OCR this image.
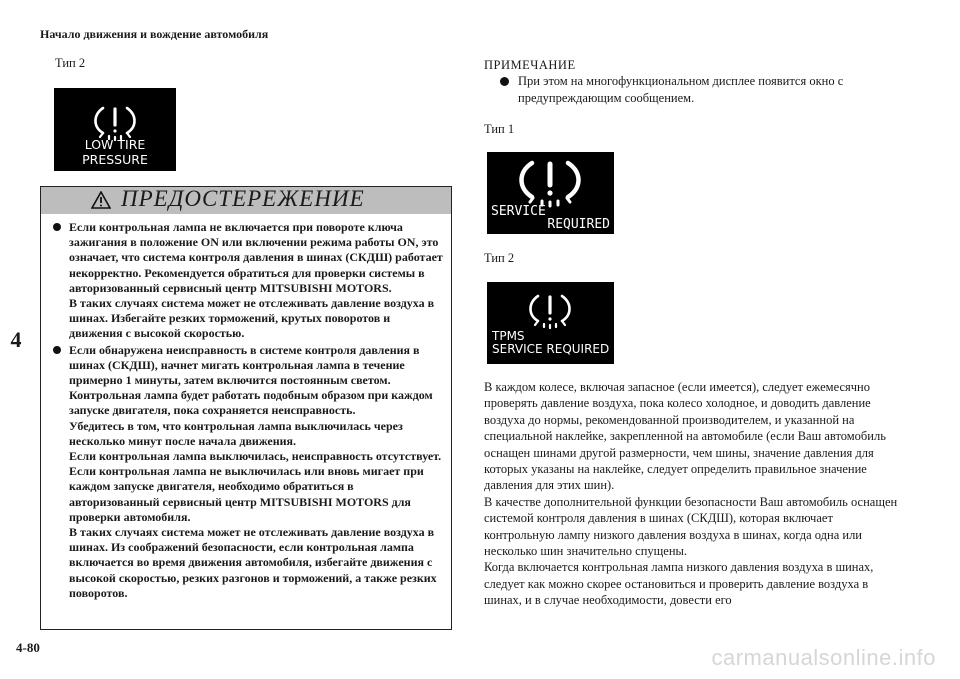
Начало движения и вождение автомобиля
Тип 2
LOW TIRE PRESSURE
ПРЕДОСТЕРЕЖЕНИЕ

Если контрольная лампа не включается при повороте ключа зажигания в положение ON или включении режима работы ON, это означает, что система контроля давления в шинах (СКДШ) работает некорректно. Рекомендуется обратиться для проверки системы в авторизованный сервисный центр MITSUBISHI MOTORS.

В таких случаях система может не отслеживать давление воздуха в шинах. Избегайте резких торможений, крутых поворотов и движения с высокой скоростью.

Если обнаружена неисправность в системе контроля давления в шинах (СКДШ), начнет мигать контрольная лампа в течение примерно 1 минуты, затем включится постоянным светом.

Контрольная лампа будет работать подобным образом при каждом запуске двигателя, пока сохраняется неисправность.

Убедитесь в том, что контрольная лампа выключилась через несколько минут после начала движения.

Если контрольная лампа выключилась, неисправность отсутствует.

Если контрольная лампа не выключилась или вновь мигает при каждом запуске двигателя, необходимо обратиться в авторизованный сервисный центр MITSUBISHI MOTORS для проверки автомобиля.

В таких случаях система может не отслеживать давление воздуха в шинах. Из соображений безопасности, если контрольная лампа включается во время движения автомобиля, избегайте движения с высокой скоростью, резких разгонов и торможений, а также резких поворотов.

4
4-80
ПРИМЕЧАНИЕ
При этом на многофункциональном дисплее появится окно с предупреждающим сообщением.
Тип 1
SERVICE
REQUIRED
Тип 2
TPMS
SERVICE REQUIRED

В каждом колесе, включая запасное (если имеется), следует ежемесячно проверять давление воздуха, пока колесо холодное, и доводить давление воздуха до нормы, рекомендованной производителем, и указанной на специальной наклейке, закрепленной на автомобиле (если Ваш автомобиль оснащен шинами другой размерности, чем шины, значение давления для которых указаны на наклейке, следует определить правильное значение давления для этих шин).

В качестве дополнительной функции безопасности Ваш автомобиль оснащен системой контроля давления в шинах (СКДШ), которая включает контрольную лампу низкого давления воздуха в шинах, когда одна или несколько шин значительно спущены.

Когда включается контрольная лампа низкого давления воздуха в шинах, следует как можно скорее остановиться и проверить давление воздуха в шинах, и в случае необходимости, довести его

carmanualsonline.info
